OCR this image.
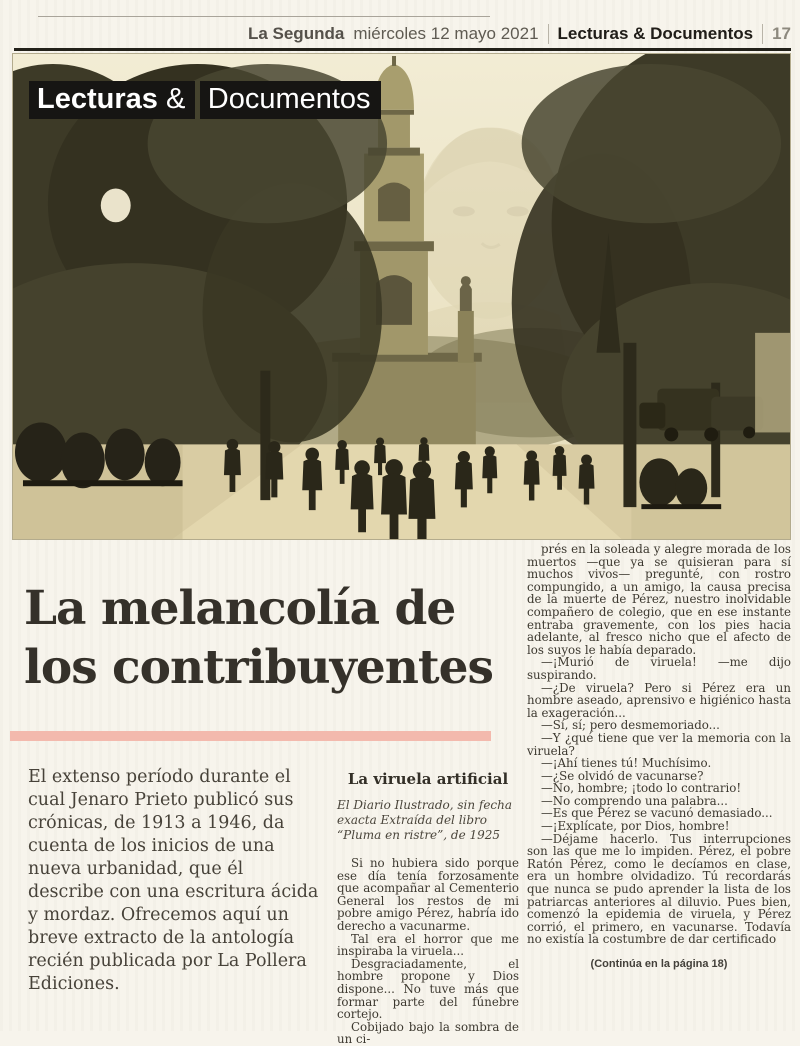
La Segunda miércoles 12 mayo 2021 Lecturas & Documentos 17
Lecturas & Documentos
La melancolía de los contribuyentes
El extenso período durante el cual Jenaro Prieto publicó sus crónicas, de 1913 a 1946, da cuenta de los inicios de una nueva urbanidad, que él describe con una escritura ácida y mordaz. Ofrecemos aquí un breve extracto de la antología recién publicada por La Pollera Ediciones.
La viruela artificial

El Diario Ilustrado, sin fecha exacta Extraída del libro “Pluma en ristre”, de 1925

Si no hubiera sido porque ese día tenía forzosamente que acompañar al Cementerio General los restos de mi pobre amigo Pérez, habría ido derecho a vacunarme.

Tal era el horror que me inspiraba la viruela...

Desgraciadamente, el hombre propone y Dios dispone... No tuve más que formar parte del fúnebre cortejo.

Cobijado bajo la sombra de un ci-

prés en la soleada y alegre morada de los muertos —que ya se quisieran para sí muchos vivos— pregunté, con rostro compungido, a un amigo, la causa precisa de la muerte de Pérez, nuestro inolvidable compañero de colegio, que en ese instante entraba gravemente, con los pies hacia adelante, al fresco nicho que el afecto de los suyos le había deparado.

—¡Murió de viruela! —me dijo suspirando.

—¿De viruela? Pero si Pérez era un hombre aseado, aprensivo e higiénico hasta la exageración...

—Sí, sí; pero desmemoriado...

—Y ¿qué tiene que ver la memoria con la viruela?

—¡Ahí tienes tú! Muchísimo.

—¿Se olvidó de vacunarse?

—No, hombre; ¡todo lo contrario!

—No comprendo una palabra...

—Es que Pérez se vacunó demasiado...

—¡Explícate, por Dios, hombre!

—Déjame hacerlo. Tus interrupciones son las que me lo impiden. Pérez, el pobre Ratón Pérez, como le decíamos en clase, era un hombre olvidadizo. Tú recordarás que nunca se pudo aprender la lista de los patriarcas anteriores al diluvio. Pues bien, comenzó la epidemia de viruela, y Pérez corrió, el primero, en vacunarse. Todavía no existía la costumbre de dar certificado

(Continúa en la página 18)
